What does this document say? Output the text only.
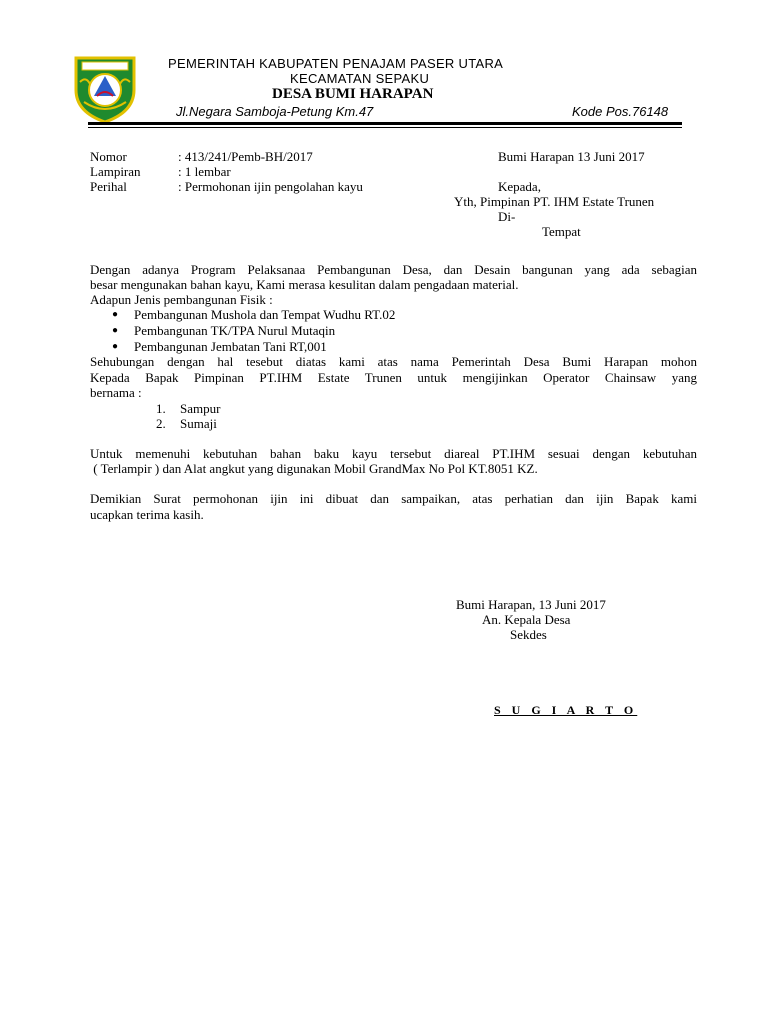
PEMERINTAH KABUPATEN PENAJAM PASER UTARA
KECAMATAN SEPAKU
DESA BUMI HARAPAN
Jl.Negara Samboja-Petung Km.47	Kode Pos.76148
Nomor	: 413/241/Pemb-BH/2017
Lampiran	: 1 lembar
Perihal	: Permohonan ijin pengolahan kayu
Bumi Harapan 13 Juni 2017
Kepada,
Yth, Pimpinan PT. IHM Estate Trunen
Di-
Tempat
Dengan adanya Program Pelaksanaa Pembangunan Desa, dan Desain bangunan yang ada sebagian
besar mengunakan bahan kayu, Kami merasa kesulitan dalam pengadaan material.
Adapun Jenis pembangunan Fisik :
● Pembangunan Mushola dan Tempat Wudhu RT.02
● Pembangunan TK/TPA Nurul Mutaqin
● Pembangunan Jembatan Tani RT,001
Sehubungan dengan hal tesebut diatas kami atas nama Pemerintah Desa Bumi Harapan mohon
Kepada Bapak Pimpinan PT.IHM Estate Trunen untuk mengijinkan Operator Chainsaw yang
bernama :
1. Sampur
2. Sumaji
Untuk memenuhi kebutuhan bahan baku kayu tersebut diareal PT.IHM sesuai dengan kebutuhan
( Terlampir ) dan Alat angkut yang digunakan Mobil GrandMax No Pol KT.8051 KZ.
Demikian Surat permohonan ijin ini dibuat dan sampaikan, atas perhatian dan ijin Bapak kami
ucapkan terima kasih.
Bumi Harapan, 13 Juni 2017
An. Kepala Desa
Sekdes
S U G I A R T O
